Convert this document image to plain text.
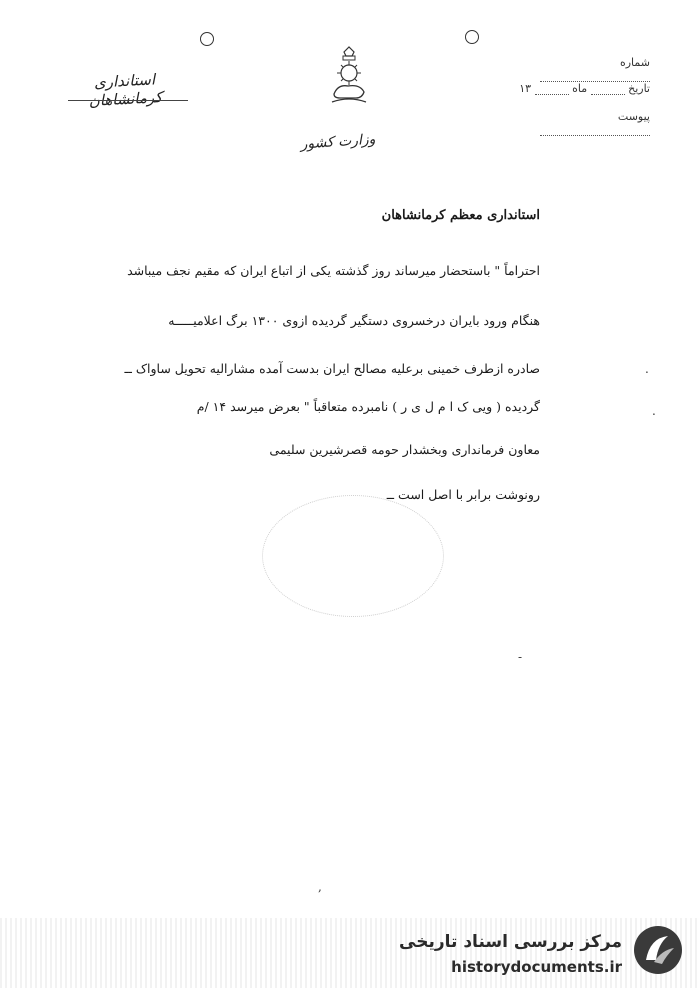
استانداری کرمانشاهان
وزارت کشور
شماره
تاریخ  ماه  ۱۳
پیوست
استانداری معظم کرمانشاهان
احتراماً " باستحضار میرساند روز گذشته یکی از اتباع ایران که مقیم نجف میباشد
هنگام ورود بایران درخسروی دستگیر گردیده ازوی ۱۳۰۰ برگ اعلامیـــــه
صادره ازطرف خمینی برعلیه مصالح ایران بدست آمده مشارالیه تحویل ساواک ــ
گردیده ( ویی ک ا م ل ی ر ) نامبرده متعاقباً " بعرض میرسد ۱۴ /م
معاون فرمانداری وبخشدار حومه قصرشیرین سلیمی
رونوشت برابر با اصل است ــ
.
.
-
,
مرکز بررسی اسناد تاریخی
historydocuments.ir
